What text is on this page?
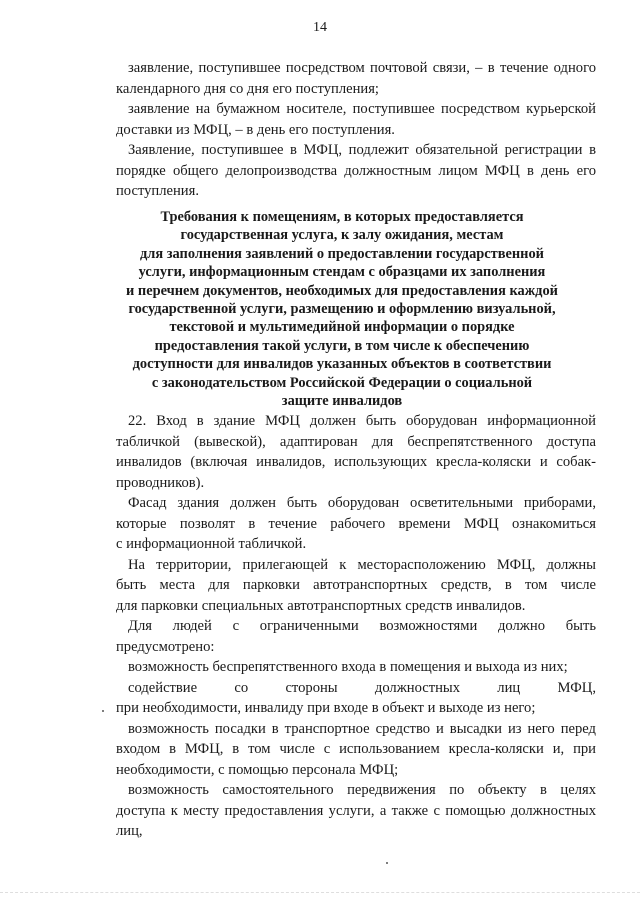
14
заявление, поступившее посредством почтовой связи, – в течение одного
календарного дня со дня его поступления;
заявление на бумажном носителе, поступившее посредством курьерской
доставки из МФЦ, – в день его поступления.
Заявление, поступившее в МФЦ, подлежит обязательной регистрации в
порядке общего делопроизводства должностным лицом МФЦ в день его
поступления.
Требования к помещениям, в которых предоставляется
государственная услуга, к залу ожидания, местам
для заполнения заявлений о предоставлении государственной
услуги, информационным стендам с образцами их заполнения
и перечнем документов, необходимых для предоставления каждой
государственной услуги, размещению и оформлению визуальной,
текстовой и мультимедийной информации о порядке
предоставления такой услуги, в том числе к обеспечению
доступности для инвалидов указанных объектов в соответствии
с законодательством Российской Федерации о социальной
защите инвалидов
22. Вход в здание МФЦ должен быть оборудован информационной
табличкой (вывеской), адаптирован для беспрепятственного доступа
инвалидов (включая инвалидов, использующих кресла-коляски и собак-
проводников).
Фасад здания должен быть оборудован осветительными приборами,
которые позволят в течение рабочего времени МФЦ ознакомиться
с информационной табличкой.
На территории, прилегающей к месторасположению МФЦ, должны
быть места для парковки автотранспортных средств, в том числе
для парковки специальных автотранспортных средств инвалидов.
Для людей с ограниченными возможностями должно быть
предусмотрено:
возможность беспрепятственного входа в помещения и выхода из них;
содействие со стороны должностных лиц МФЦ,
при необходимости, инвалиду при входе в объект и выходе из него;
возможность посадки в транспортное средство и высадки из него перед
входом в МФЦ, в том числе с использованием кресла-коляски и, при
необходимости, с помощью персонала МФЦ;
возможность самостоятельного передвижения по объекту в целях
доступа к месту предоставления услуги, а также с помощью должностных лиц,
